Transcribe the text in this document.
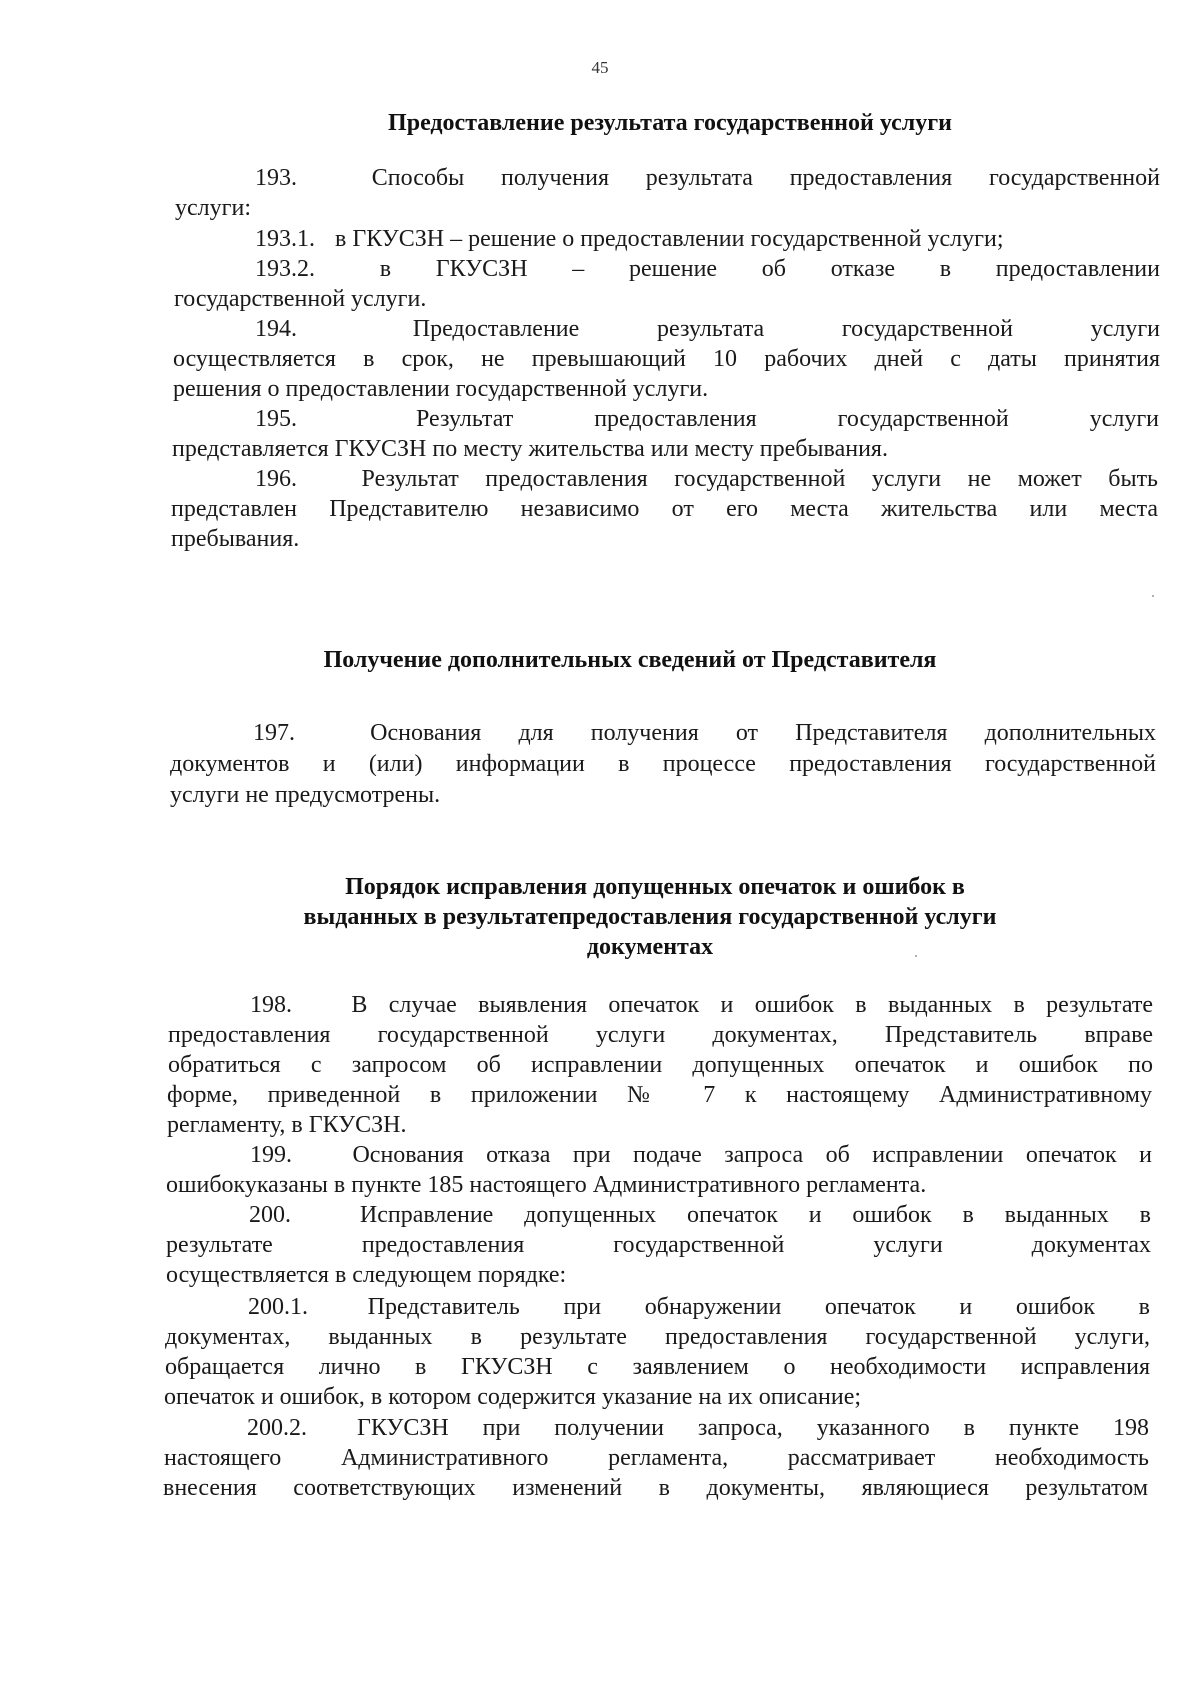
45
Предоставление результата государственной услуги
193.	Способы получения результата предоставления государственной
услуги:
193.1. в ГКУСЗН – решение о предоставлении государственной услуги;
193.2.	в ГКУСЗН – решение об отказе в предоставлении
государственной услуги.
194.	Предоставление результата государственной услуги
осуществляется в срок, не превышающий 10 рабочих дней с даты принятия
решения о предоставлении государственной услуги.
195.	Результат предоставления государственной услуги
представляется ГКУСЗН по месту жительства или месту пребывания.
196.	Результат предоставления государственной услуги не может быть
представлен Представителю независимо от его места жительства или места
пребывания.
Получение дополнительных сведений от Представителя
197.	Основания для получения от Представителя дополнительных
документов и (или) информации в процессе предоставления государственной
услуги не предусмотрены.
Порядок исправления допущенных опечаток и ошибок в
выданных в результатепредоставления государственной услуги
документах
198. В случае выявления опечаток и ошибок в выданных в результате
предоставления государственной услуги документах, Представитель вправе
обратиться с запросом об исправлении допущенных опечаток и ошибок по
форме, приведенной в приложении № 7 к настоящему Административному
регламенту, в ГКУСЗН.
199.	Основания отказа при подаче запроса об исправлении опечаток и
ошибокуказаны в пункте 185 настоящего Административного регламента.
200.	Исправление допущенных опечаток и ошибок в выданных в
результате предоставления государственной услуги документах
осуществляется в следующем порядке:
200.1. Представитель при обнаружении опечаток и ошибок в
документах, выданных в результате предоставления государственной услуги,
обращается лично в ГКУСЗН с заявлением о необходимости исправления
опечаток и ошибок, в котором содержится указание на их описание;
200.2. ГКУСЗН при получении запроса, указанного в пункте 198
настоящего Административного регламента, рассматривает необходимость
внесения соответствующих изменений в документы, являющиеся результатом
